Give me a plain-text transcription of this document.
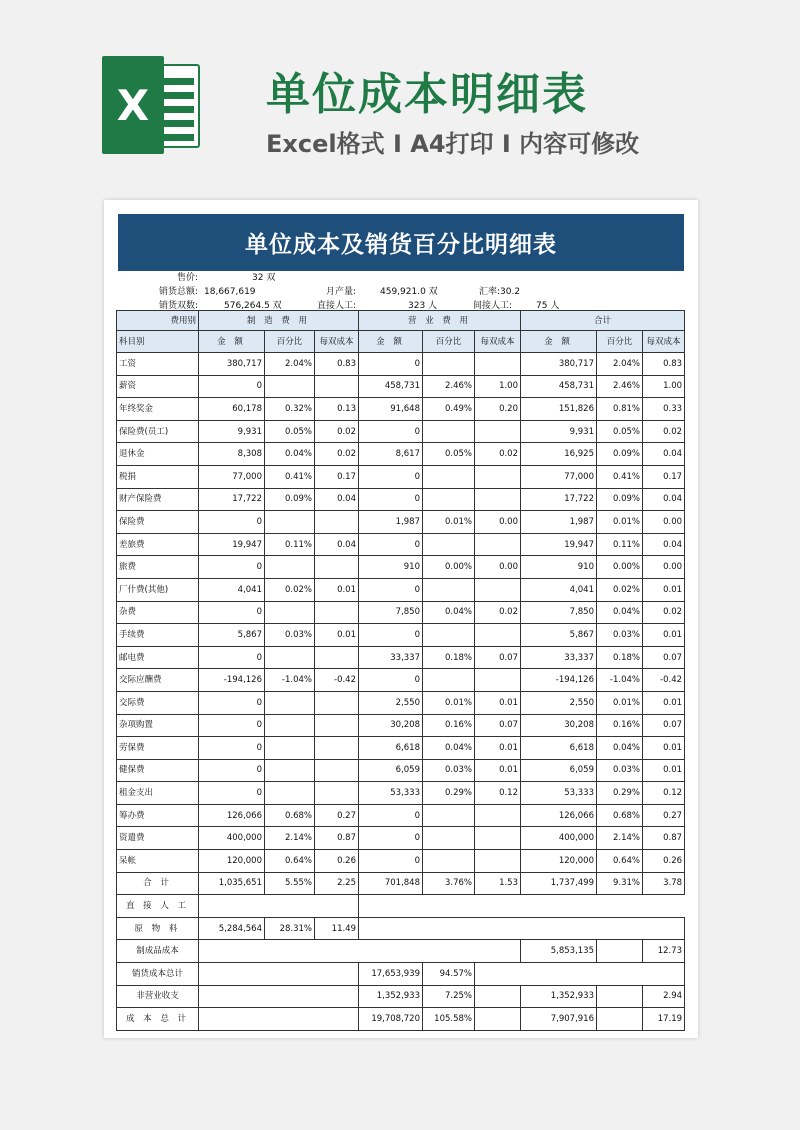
X	单位成本明细表
Excel格式 I A4打印 I 内容可修改
单位成本及销货百分比明细表
售价:	32 双
销货总额: 18,667,619	月产量:	459,921.0 双	汇率: 30.2
销货双数:	576,264.5 双	直接人工:	323 人	间接人工:	75 人
费用别	制 造 费 用			营 业 费 用			合计		
科目别	金 额	百分比	每双成本	金 额	百分比	每双成本	金 额	百分比	每双成本
工资	380,717	2.04%	0.83	0			380,717	2.04%	0.83
薪资	0			458,731	2.46%	1.00	458,731	2.46%	1.00
年终奖金	60,178	0.32%	0.13	91,648	0.49%	0.20	151,826	0.81%	0.33
保险费(员工)	9,931	0.05%	0.02	0			9,931	0.05%	0.02
退休金	8,308	0.04%	0.02	8,617	0.05%	0.02	16,925	0.09%	0.04
税捐	77,000	0.41%	0.17	0			77,000	0.41%	0.17
财产保险费	17,722	0.09%	0.04	0			17,722	0.09%	0.04
保险费	0			1,987	0.01%	0.00	1,987	0.01%	0.00
差旅费	19,947	0.11%	0.04	0			19,947	0.11%	0.04
旅费	0			910	0.00%	0.00	910	0.00%	0.00
厂什费(其他)	4,041	0.02%	0.01	0			4,041	0.02%	0.01
杂费	0			7,850	0.04%	0.02	7,850	0.04%	0.02
手续费	5,867	0.03%	0.01	0			5,867	0.03%	0.01
邮电费	0			33,337	0.18%	0.07	33,337	0.18%	0.07
交际应酬费	-194,126	-1.04%	-0.42	0			-194,126	-1.04%	-0.42
交际费	0			2,550	0.01%	0.01	2,550	0.01%	0.01
杂项购置	0			30,208	0.16%	0.07	30,208	0.16%	0.07
劳保费	0			6,618	0.04%	0.01	6,618	0.04%	0.01
健保费	0			6,059	0.03%	0.01	6,059	0.03%	0.01
租金支出	0			53,333	0.29%	0.12	53,333	0.29%	0.12
筹办费	126,066	0.68%	0.27	0			126,066	0.68%	0.27
资遣费	400,000	2.14%	0.87	0			400,000	2.14%	0.87
呆帐	120,000	0.64%	0.26	0			120,000	0.64%	0.26
合 计	1,035,651	5.55%	2.25	701,848	3.76%	1.53	1,737,499	9.31%	3.78
直 接 人 工									
原 物 料	5,284,564	28.31%	11.49						
制成品成本							5,853,135		12.73
销货成本总计				17,653,939	94.57%				
非营业收支				1,352,933	7.25%		1,352,933		2.94
成 本 总 计				19,708,720	105.58%		7,907,916		17.19
